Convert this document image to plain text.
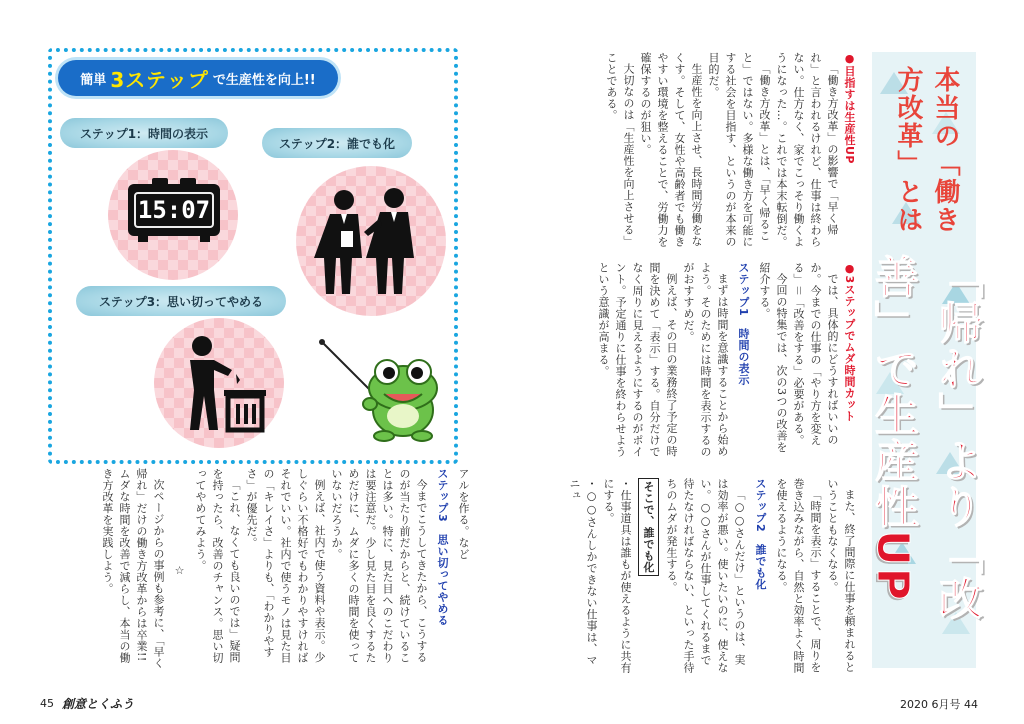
本当の「働き方改革」とは
「帰れ」より「改善」で生産性UP
●目指すは生産性UP

「働き方改革」の影響で「早く帰れ」と言われるけれど、仕事は終わらない。仕方なく、家でこっそり働くようになった…。これでは本末転倒だ。

「働き方改革」とは、「早く帰ること」ではない。多様な働き方を可能にする社会を目指す、というのが本来の目的だ。

生産性を向上させ、長時間労働をなくす。そして、女性や高齢者でも働きやすい環境を整えることで、労働力を確保するのが狙い。

大切なのは「生産性を向上させる」ことである。

●3ステップでムダ時間カット

では、具体的にどうすればいいのか。今までの仕事の「やり方を変える」＝「改善をする」必要がある。

今回の特集では、次の3つの改善を紹介する。

ステップ1　時間の表示

まずは時間を意識することから始めよう。そのためには時間を表示するのがおすすめだ。

例えば、その日の業務終了予定の時間を決めて「表示」する。自分だけでなく周りに見えるようにするのがポイント。予定通りに仕事を終わらせようという意識が高まる。

また、終了間際に仕事を頼まれるということもなくなる。

「時間を表示」することで、周りを巻き込みながら、自然と効率よく時間を使えるようになる。

ステップ2　誰でも化

「○○さんだけ」というのは、実は効率が悪い。使いたいのに、使えない。○○さんが仕事してくれるまで待たなければならない、といった手待ちのムダが発生する。

そこで、誰でも化
・仕事道具は誰もが使えるように共有にする。
・○○さんしかできない仕事は、マニュ
2020 6月号 44
簡単 3ステップ で生産性を向上!!
ステップ1：時間の表示
15:07
ステップ2：誰でも化
ステップ3：思い切ってやめる

アルを作る。など

ステップ3　思い切ってやめる

今までこうしてきたから、こうするのが当たり前だからと、続けていることは多い。特に、見た目へのこだわりは要注意だ。少し見た目を良くするためだけに、ムダに多くの時間を使っていないだろうか。

例えば、社内で使う資料や表示。少しぐらい不格好でもわかりやすければそれでいい。社内で使うモノは見た目の「キレイさ」よりも、「わかりやすさ」が優先だ。

「これ、なくても良いのでは」疑問を持ったら、改善のチャンス。思い切ってやめてみよう。

☆

次ページからの事例も参考に、「早く帰れ」だけの働き方改革からは卒業!! ムダな時間を改善で減らし、本当の働き方改革を実践しよう。

45 創意とくふう
